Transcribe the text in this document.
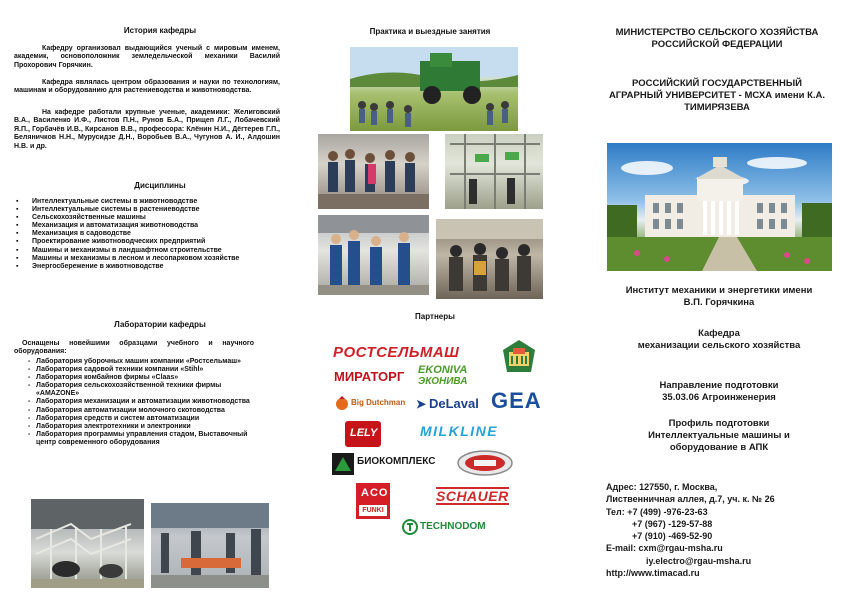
История кафедры
Кафедру организовал выдающийся ученый с мировым именем, академик, основоположник земледельческой механики Василий Прохорович Горячкин.
Кафедра являлась центром образования и науки по технологиям, машинам и оборудованию для растениеводства и животноводства.
На кафедре работали крупные ученые, академики: Желиговский В.А., Василенко И.Ф., Листов П.Н., Рунов Б.А., Прищеп Л.Г., Лобачевский Я.П., Горбачёв И.В., Кирсанов В.В., профессора: Клёнин Н.И., Дёгтерев Г.П., Беляничков Н.Н., Мурусидзе Д.Н., Воробьев В.А., Чугунов А. И., Алдошин Н.В. и др.
Дисциплины
▪ Интеллектуальные системы в животноводстве
▪ Интеллектуальные системы в растениеводстве
▪ Сельскохозяйственные машины
▪ Механизация и автоматизация животноводства
▪ Механизация в садоводстве
▪ Проектирование животноводческих предприятий
▪ Машины и механизмы в ландшафтном строительстве
▪ Машины и механизмы в лесном и лесопарковом хозяйстве
▪ Энергосбережение в животноводстве
Лаборатории кафедры
Оснащены новейшими образцами учебного и научного оборудования:
- Лаборатория уборочных машин компании «Ростсельмаш»
- Лаборатория садовой техники компании «Stihl»
- Лаборатория комбайнов фирмы «Claas»
- Лаборатория сельскохозяйственной техники фирмы «AMAZONE»
- Лаборатория механизации и автоматизации животноводства
- Лаборатория автоматизации молочного скотоводства
- Лаборатория средств и систем автоматизации
- Лаборатория электротехники и электроники
- Лаборатория программы управления стадом, Выставочный центр современного оборудования
Практика и выездные занятия
Партнеры
РОСТСЕЛЬМАШ
МИРАТОРГ EKONIVA
ЭКОНИВА
Big Dutchman ➤ DeLaval GEA
LELY	MILKLINE
БИОКОМПЛЕКС
ACO
FUNKI
SCHAUER
TECHNODOM
МИНИСТЕРСТВО СЕЛЬСКОГО ХОЗЯЙСТВА РОССИЙСКОЙ ФЕДЕРАЦИИ
РОССИЙСКИЙ ГОСУДАРСТВЕННЫЙ АГРАРНЫЙ УНИВЕРСИТЕТ - МСХА имени К.А. ТИМИРЯЗЕВА
Институт механики и энергетики имени В.П. Горячкина
Кафедра
механизации сельского хозяйства
Направление подготовки
35.03.06 Агроинженерия
Профиль подготовки
Интеллектуальные машины и оборудование в АПК
Адрес: 127550, г. Москва,
Лиственничная аллея, д.7, уч. к. № 26
Тел: +7 (499) -976-23-63
+7 (967) -129-57-88
+7 (910) -469-52-90
E-mail: cxm@rgau-msha.ru
iy.electro@rgau-msha.ru
http://www.timacad.ru
